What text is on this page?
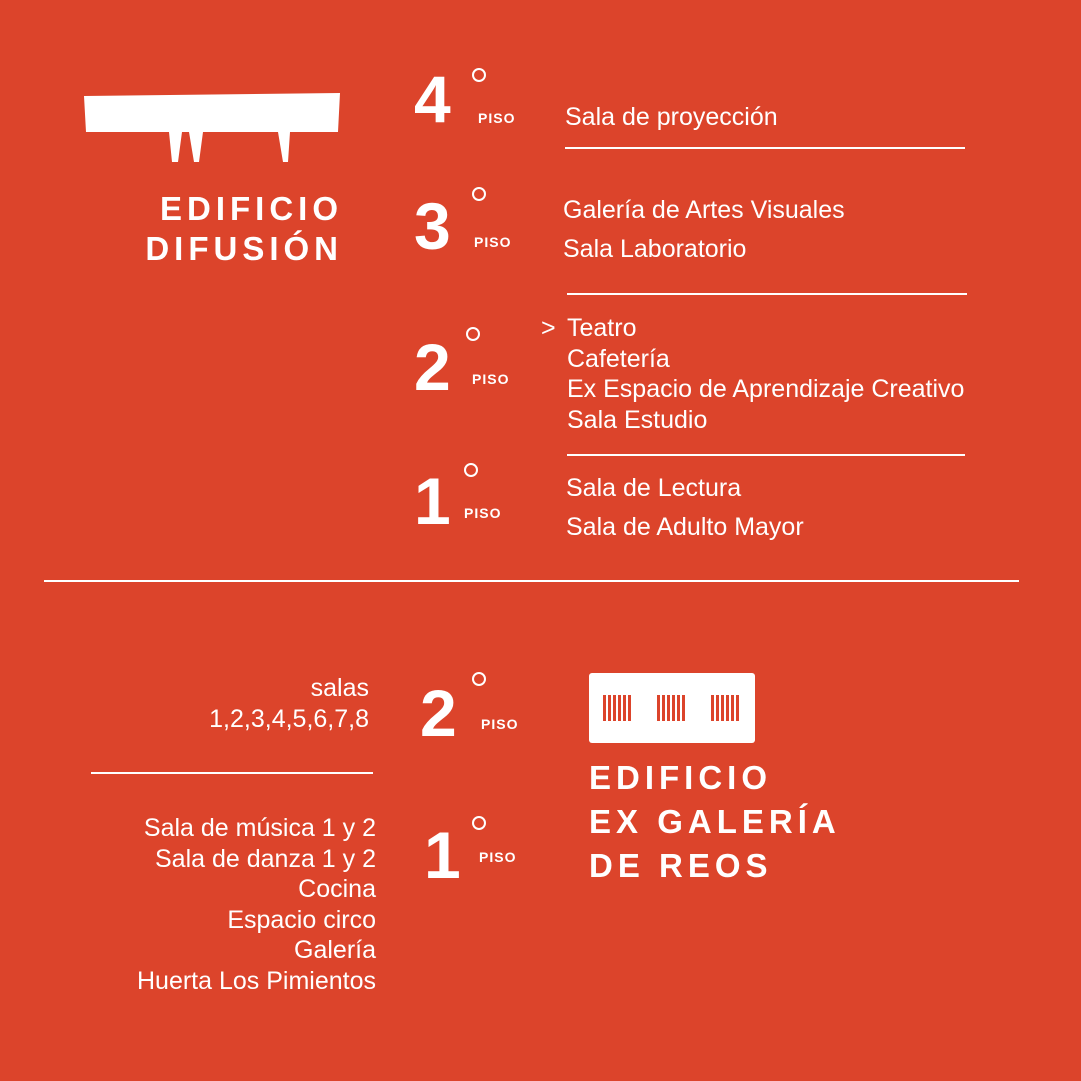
EDIFICIO
DIFUSIÓN
4 PISO Sala de proyección
3 PISO
Galería de Artes Visuales
Sala Laboratorio
2 PISO
> Teatro
Cafetería
Ex Espacio de Aprendizaje Creativo
Sala Estudio
1 PISO
Sala de Lectura
Sala de Adulto Mayor
salas
1,2,3,4,5,6,7,8 2 PISO
Sala de música 1 y 2
Sala de danza 1 y 2
Cocina
Espacio circo
Galería
Huerta Los Pimientos
1 PISO
EDIFICIO
EX GALERÍA
DE REOS
